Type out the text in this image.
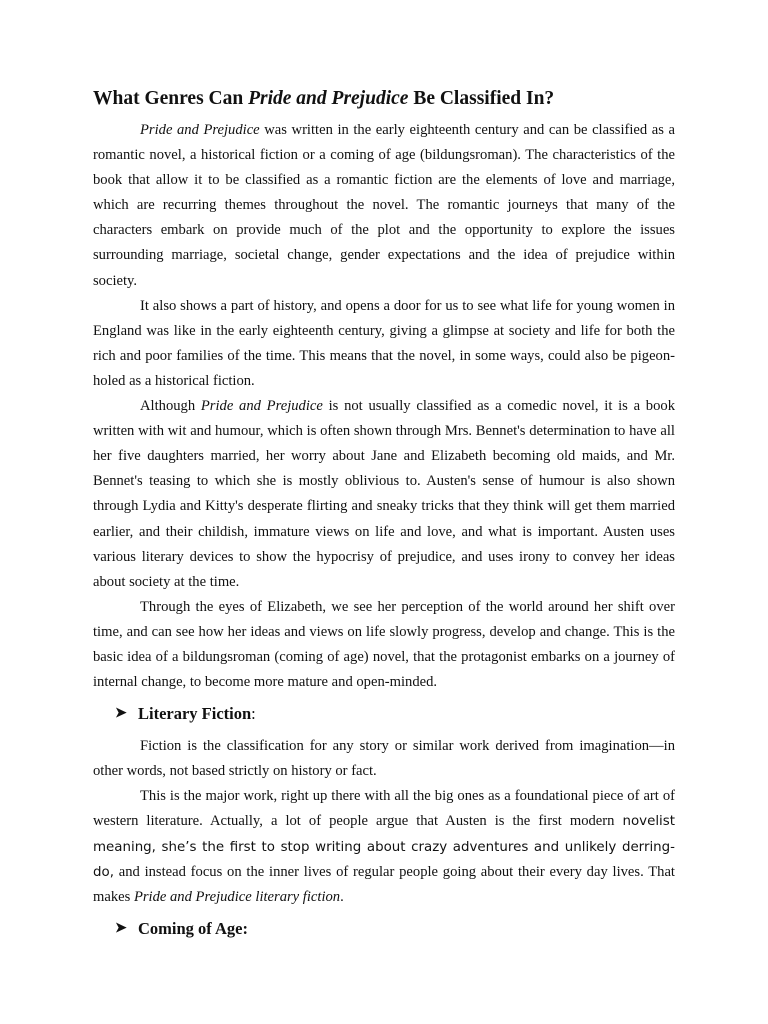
What Genres Can Pride and Prejudice Be Classified In?

Pride and Prejudice was written in the early eighteenth century and can be classified as a romantic novel, a historical fiction or a coming of age (bildungsroman). The characteristics of the book that allow it to be classified as a romantic fiction are the elements of love and marriage, which are recurring themes throughout the novel. The romantic journeys that many of the characters embark on provide much of the plot and the opportunity to explore the issues surrounding marriage, societal change, gender expectations and the idea of prejudice within society.

It also shows a part of history, and opens a door for us to see what life for young women in England was like in the early eighteenth century, giving a glimpse at society and life for both the rich and poor families of the time. This means that the novel, in some ways, could also be pigeon-holed as a historical fiction.

Although Pride and Prejudice is not usually classified as a comedic novel, it is a book written with wit and humour, which is often shown through Mrs. Bennet's determination to have all her five daughters married, her worry about Jane and Elizabeth becoming old maids, and Mr. Bennet's teasing to which she is mostly oblivious to. Austen's sense of humour is also shown through Lydia and Kitty's desperate flirting and sneaky tricks that they think will get them married earlier, and their childish, immature views on life and love, and what is important. Austen uses various literary devices to show the hypocrisy of prejudice, and uses irony to convey her ideas about society at the time.

Through the eyes of Elizabeth, we see her perception of the world around her shift over time, and can see how her ideas and views on life slowly progress, develop and change. This is the basic idea of a bildungsroman (coming of age) novel, that the protagonist embarks on a journey of internal change, to become more mature and open-minded.

➤ Literary Fiction :

Fiction is the classification for any story or similar work derived from imagination—in other words, not based strictly on history or fact.

This is the major work, right up there with all the big ones as a foundational piece of art of western literature. Actually, a lot of people argue that Austen is the first modern novelist meaning, she’s the first to stop writing about crazy adventures and unlikely derring-do, and instead focus on the inner lives of regular people going about their every day lives. That makes Pride and Prejudice literary fiction.

➤ Coming of Age:
